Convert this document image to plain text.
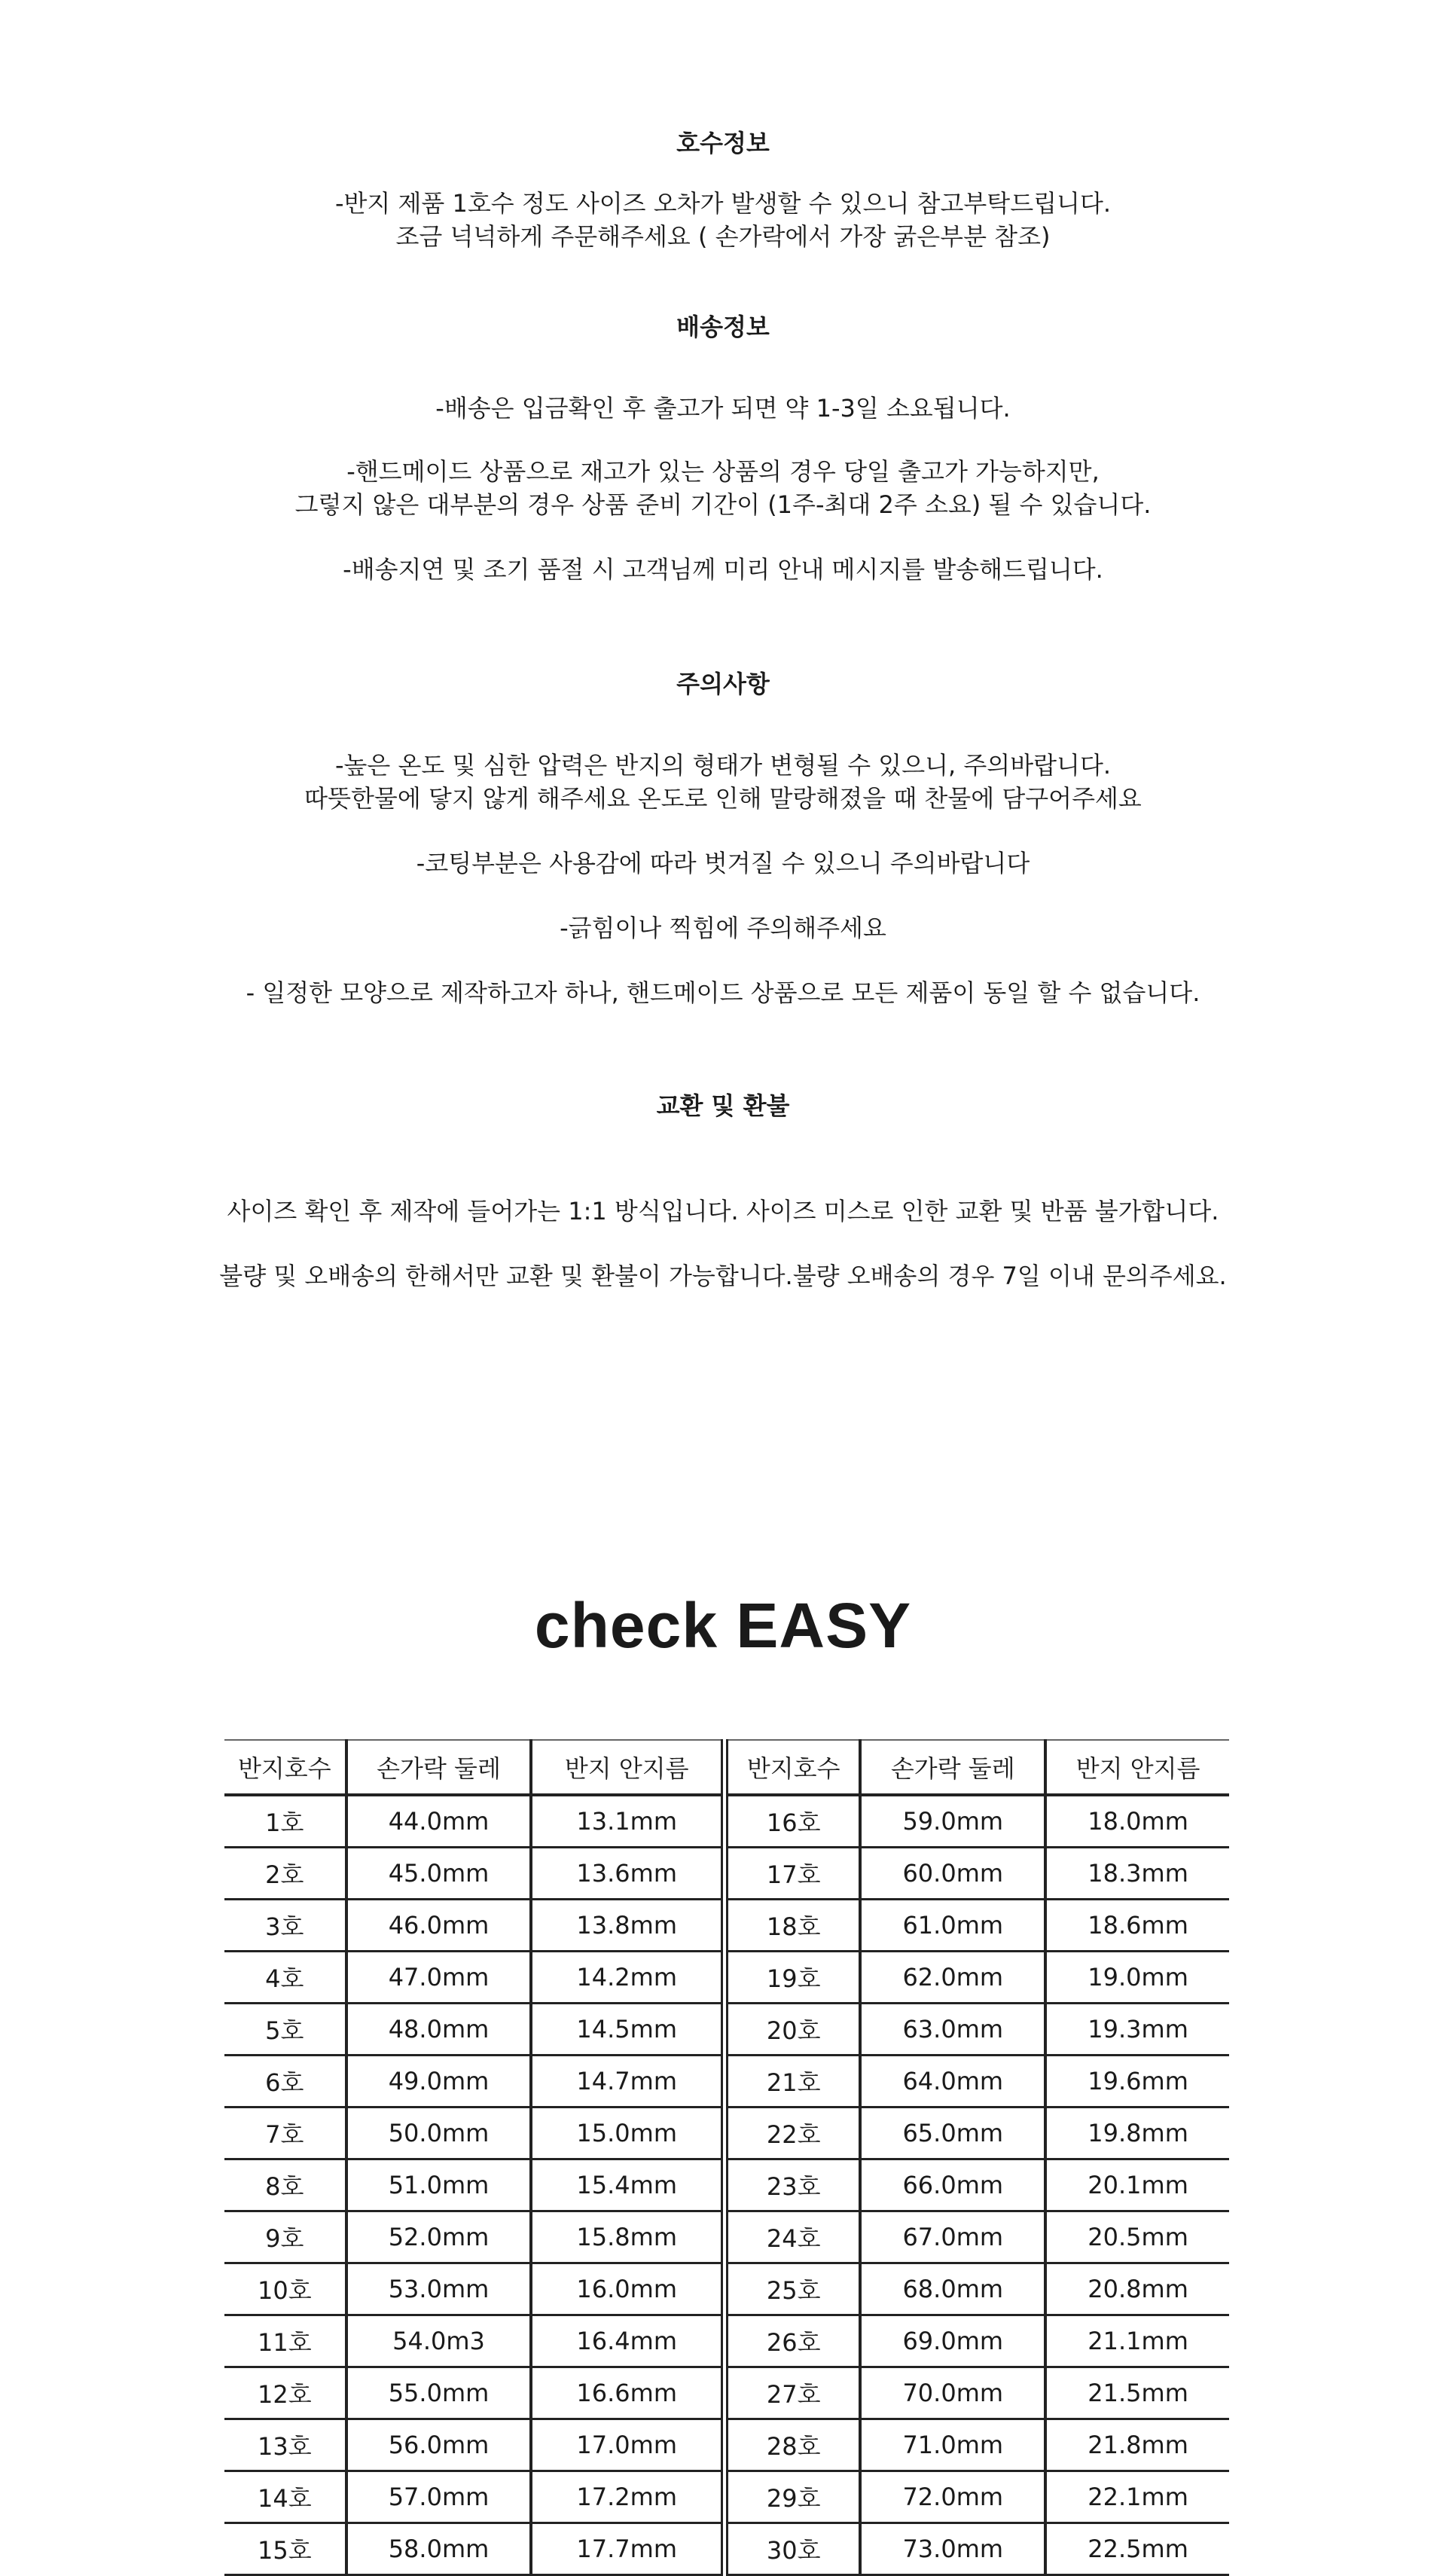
호수정보
-반지 제품 1호수 정도 사이즈 오차가 발생할 수 있으니 참고부탁드립니다.
조금 넉넉하게 주문해주세요 ( 손가락에서 가장 굵은부분 참조)
배송정보
-배송은 입금확인 후 출고가 되면 약 1-3일 소요됩니다.
-핸드메이드 상품으로 재고가 있는 상품의 경우 당일 출고가 가능하지만,
그렇지 않은 대부분의 경우 상품 준비 기간이 (1주-최대 2주 소요) 될 수 있습니다.
-배송지연 및 조기 품절 시 고객님께 미리 안내 메시지를 발송해드립니다.
주의사항
-높은 온도 및 심한 압력은 반지의 형태가 변형될 수 있으니, 주의바랍니다.
따뜻한물에 닿지 않게 해주세요 온도로 인해 말랑해졌을 때 찬물에 담구어주세요
-코팅부분은 사용감에 따라 벗겨질 수 있으니 주의바랍니다
-긁힘이나 찍힘에 주의해주세요
- 일정한 모양으로 제작하고자 하나, 핸드메이드 상품으로 모든 제품이 동일 할 수 없습니다.
교환 및 환불
사이즈 확인 후 제작에 들어가는 1:1 방식입니다. 사이즈 미스로 인한 교환 및 반품 불가합니다.
불량 및 오배송의 한해서만 교환 및 환불이 가능합니다.불량 오배송의 경우 7일 이내 문의주세요.
check EASY
반지호수	손가락 둘레	반지 안지름	반지호수	손가락 둘레	반지 안지름
1호	44.0mm	13.1mm	16호	59.0mm	18.0mm
2호	45.0mm	13.6mm	17호	60.0mm	18.3mm
3호	46.0mm	13.8mm	18호	61.0mm	18.6mm
4호	47.0mm	14.2mm	19호	62.0mm	19.0mm
5호	48.0mm	14.5mm	20호	63.0mm	19.3mm
6호	49.0mm	14.7mm	21호	64.0mm	19.6mm
7호	50.0mm	15.0mm	22호	65.0mm	19.8mm
8호	51.0mm	15.4mm	23호	66.0mm	20.1mm
9호	52.0mm	15.8mm	24호	67.0mm	20.5mm
10호	53.0mm	16.0mm	25호	68.0mm	20.8mm
11호	54.0m3	16.4mm	26호	69.0mm	21.1mm
12호	55.0mm	16.6mm	27호	70.0mm	21.5mm
13호	56.0mm	17.0mm	28호	71.0mm	21.8mm
14호	57.0mm	17.2mm	29호	72.0mm	22.1mm
15호	58.0mm	17.7mm	30호	73.0mm	22.5mm
